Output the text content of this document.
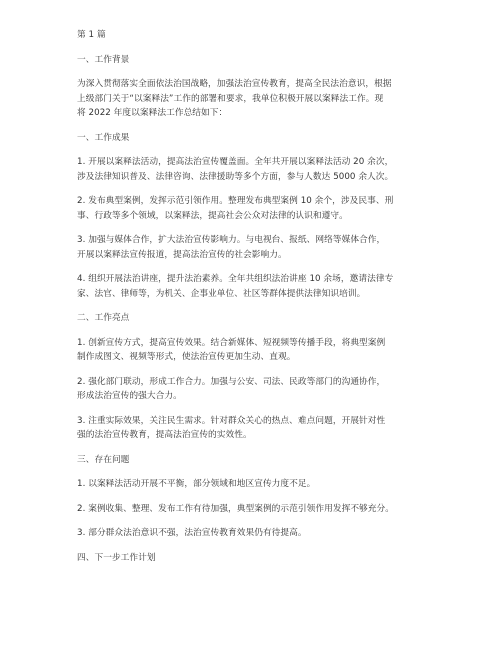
第 1 篇
一、工作背景
为深入贯彻落实全面依法治国战略，加强法治宣传教育，提高全民法治意识，根据
上级部门关于“以案释法”工作的部署和要求，我单位积极开展以案释法工作。现
将 2022 年度以案释法工作总结如下：
一、工作成果
1. 开展以案释法活动，提高法治宣传覆盖面。全年共开展以案释法活动 20 余次，
涉及法律知识普及、法律咨询、法律援助等多个方面，参与人数达 5000 余人次。
2. 发布典型案例，发挥示范引领作用。整理发布典型案例 10 余个，涉及民事、刑
事、行政等多个领域，以案释法，提高社会公众对法律的认识和遵守。
3. 加强与媒体合作，扩大法治宣传影响力。与电视台、报纸、网络等媒体合作，
开展以案释法宣传报道，提高法治宣传的社会影响力。
4. 组织开展法治讲座，提升法治素养。全年共组织法治讲座 10 余场，邀请法律专
家、法官、律师等，为机关、企事业单位、社区等群体提供法律知识培训。
二、工作亮点
1. 创新宣传方式，提高宣传效果。结合新媒体、短视频等传播手段，将典型案例
制作成图文、视频等形式，使法治宣传更加生动、直观。
2. 强化部门联动，形成工作合力。加强与公安、司法、民政等部门的沟通协作，
形成法治宣传的强大合力。
3. 注重实际效果，关注民生需求。针对群众关心的热点、难点问题，开展针对性
强的法治宣传教育，提高法治宣传的实效性。
三、存在问题
1. 以案释法活动开展不平衡，部分领域和地区宣传力度不足。
2. 案例收集、整理、发布工作有待加强，典型案例的示范引领作用发挥不够充分。
3. 部分群众法治意识不强，法治宣传教育效果仍有待提高。
四、下一步工作计划
